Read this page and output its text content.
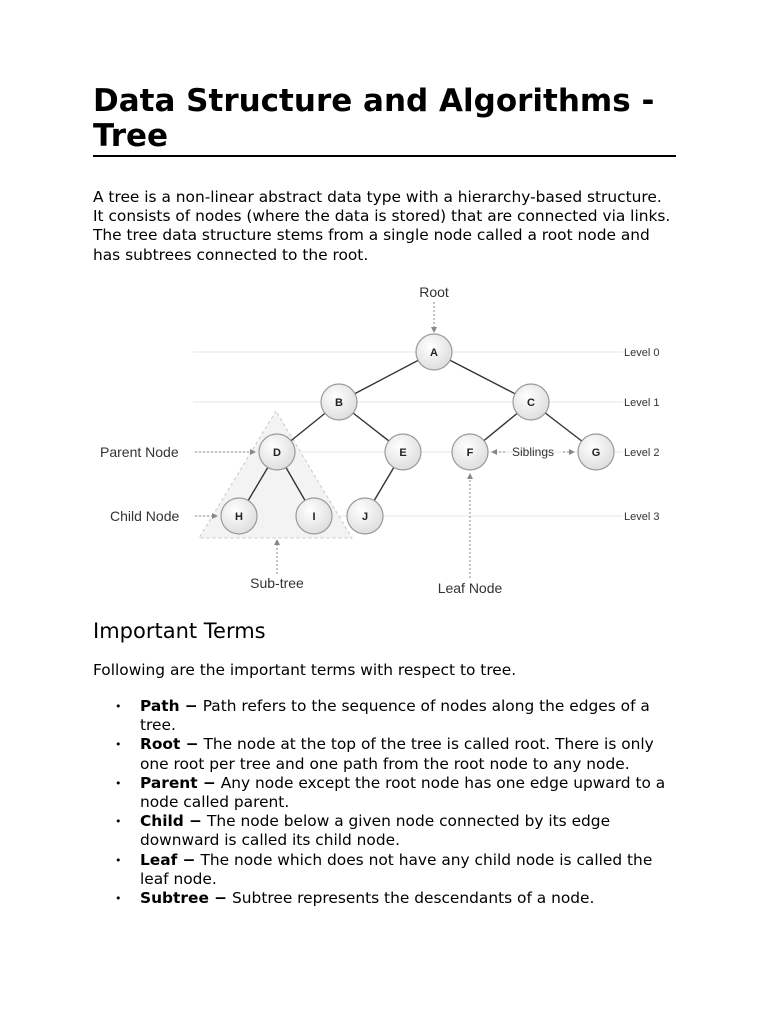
Data Structure and Algorithms - Tree

A tree is a non-linear abstract data type with a hierarchy-based structure. It consists of nodes (where the data is stored) that are connected via links. The tree data structure stems from a single node called a root node and has subtrees connected to the root.

A
B	C
D	E	F	G
H	I	J
Level 0
Level 1
Level 2
Level 3
Root
Parent Node
Child Node
Sub-tree	Leaf Node
Siblings
Important Terms

Following are the important terms with respect to tree.

• Path − Path refers to the sequence of nodes along the edges of a tree.
• Root − The node at the top of the tree is called root. There is only one root per tree and one path from the root node to any node.
• Parent − Any node except the root node has one edge upward to a node called parent.
• Child − The node below a given node connected by its edge downward is called its child node.
• Leaf − The node which does not have any child node is called the leaf node.
• Subtree − Subtree represents the descendants of a node.
